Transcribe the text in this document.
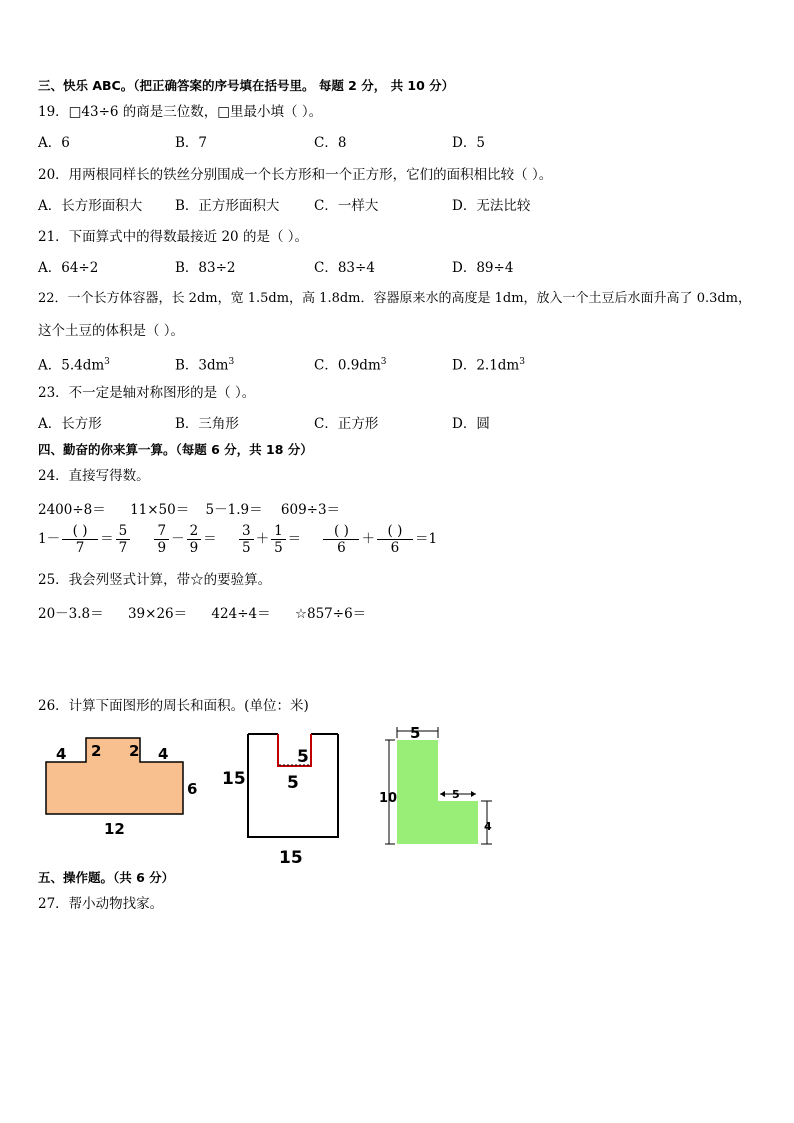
三、快乐 ABC。（把正确答案的序号填在括号里。 每题 2 分， 共 10 分）
19．□43÷6 的商是三位数，□里最小填（ ）。
A．6	B．7	C．8	D．5
20．用两根同样长的铁丝分别围成一个长方形和一个正方形，它们的面积相比较（ ）。
A．长方形面积大 B．正方形面积大	C．一样大	D．无法比较
21．下面算式中的得数最接近 20 的是（ ）。
A．64÷2	B．83÷2	C．83÷4	D．89÷4
22．一个长方体容器，长 2dm，宽 1.5dm，高 1.8dm．容器原来水的高度是 1dm，放入一个土豆后水面升高了 0.3dm，
这个土豆的体积是（ ）。
A．$5.4dm^3$	B．$3dm^3$	C．$0.9dm^3$	D．$2.1dm^3$
23．不一定是轴对称图形的是（ ）。
A．长方形	B．三角形	C．正方形	D．圆
四、勤奋的你来算一算。（每题 6 分，共 18 分）
24．直接写得数。
2400÷8＝ 11×50＝ 5－1.9＝ 609÷3＝
$1- \frac{( )}{7} = \frac{5}{7}$
$\frac{7}{9} - \frac{2}{9} = \frac{3}{5} + \frac{1}{5} = \frac{( )}{6} + \frac{( )}{6} =1$
25．我会列竖式计算，带☆的要验算。
20－3.8＝ 39×26＝ 424÷4＝ ☆857÷6＝
26．计算下面图形的周长和面积。(单位：米)
4 2 2 4
6
12
5
5
15
15
5
10	5
4
五、操作题。（共 6 分）
27．帮小动物找家。
